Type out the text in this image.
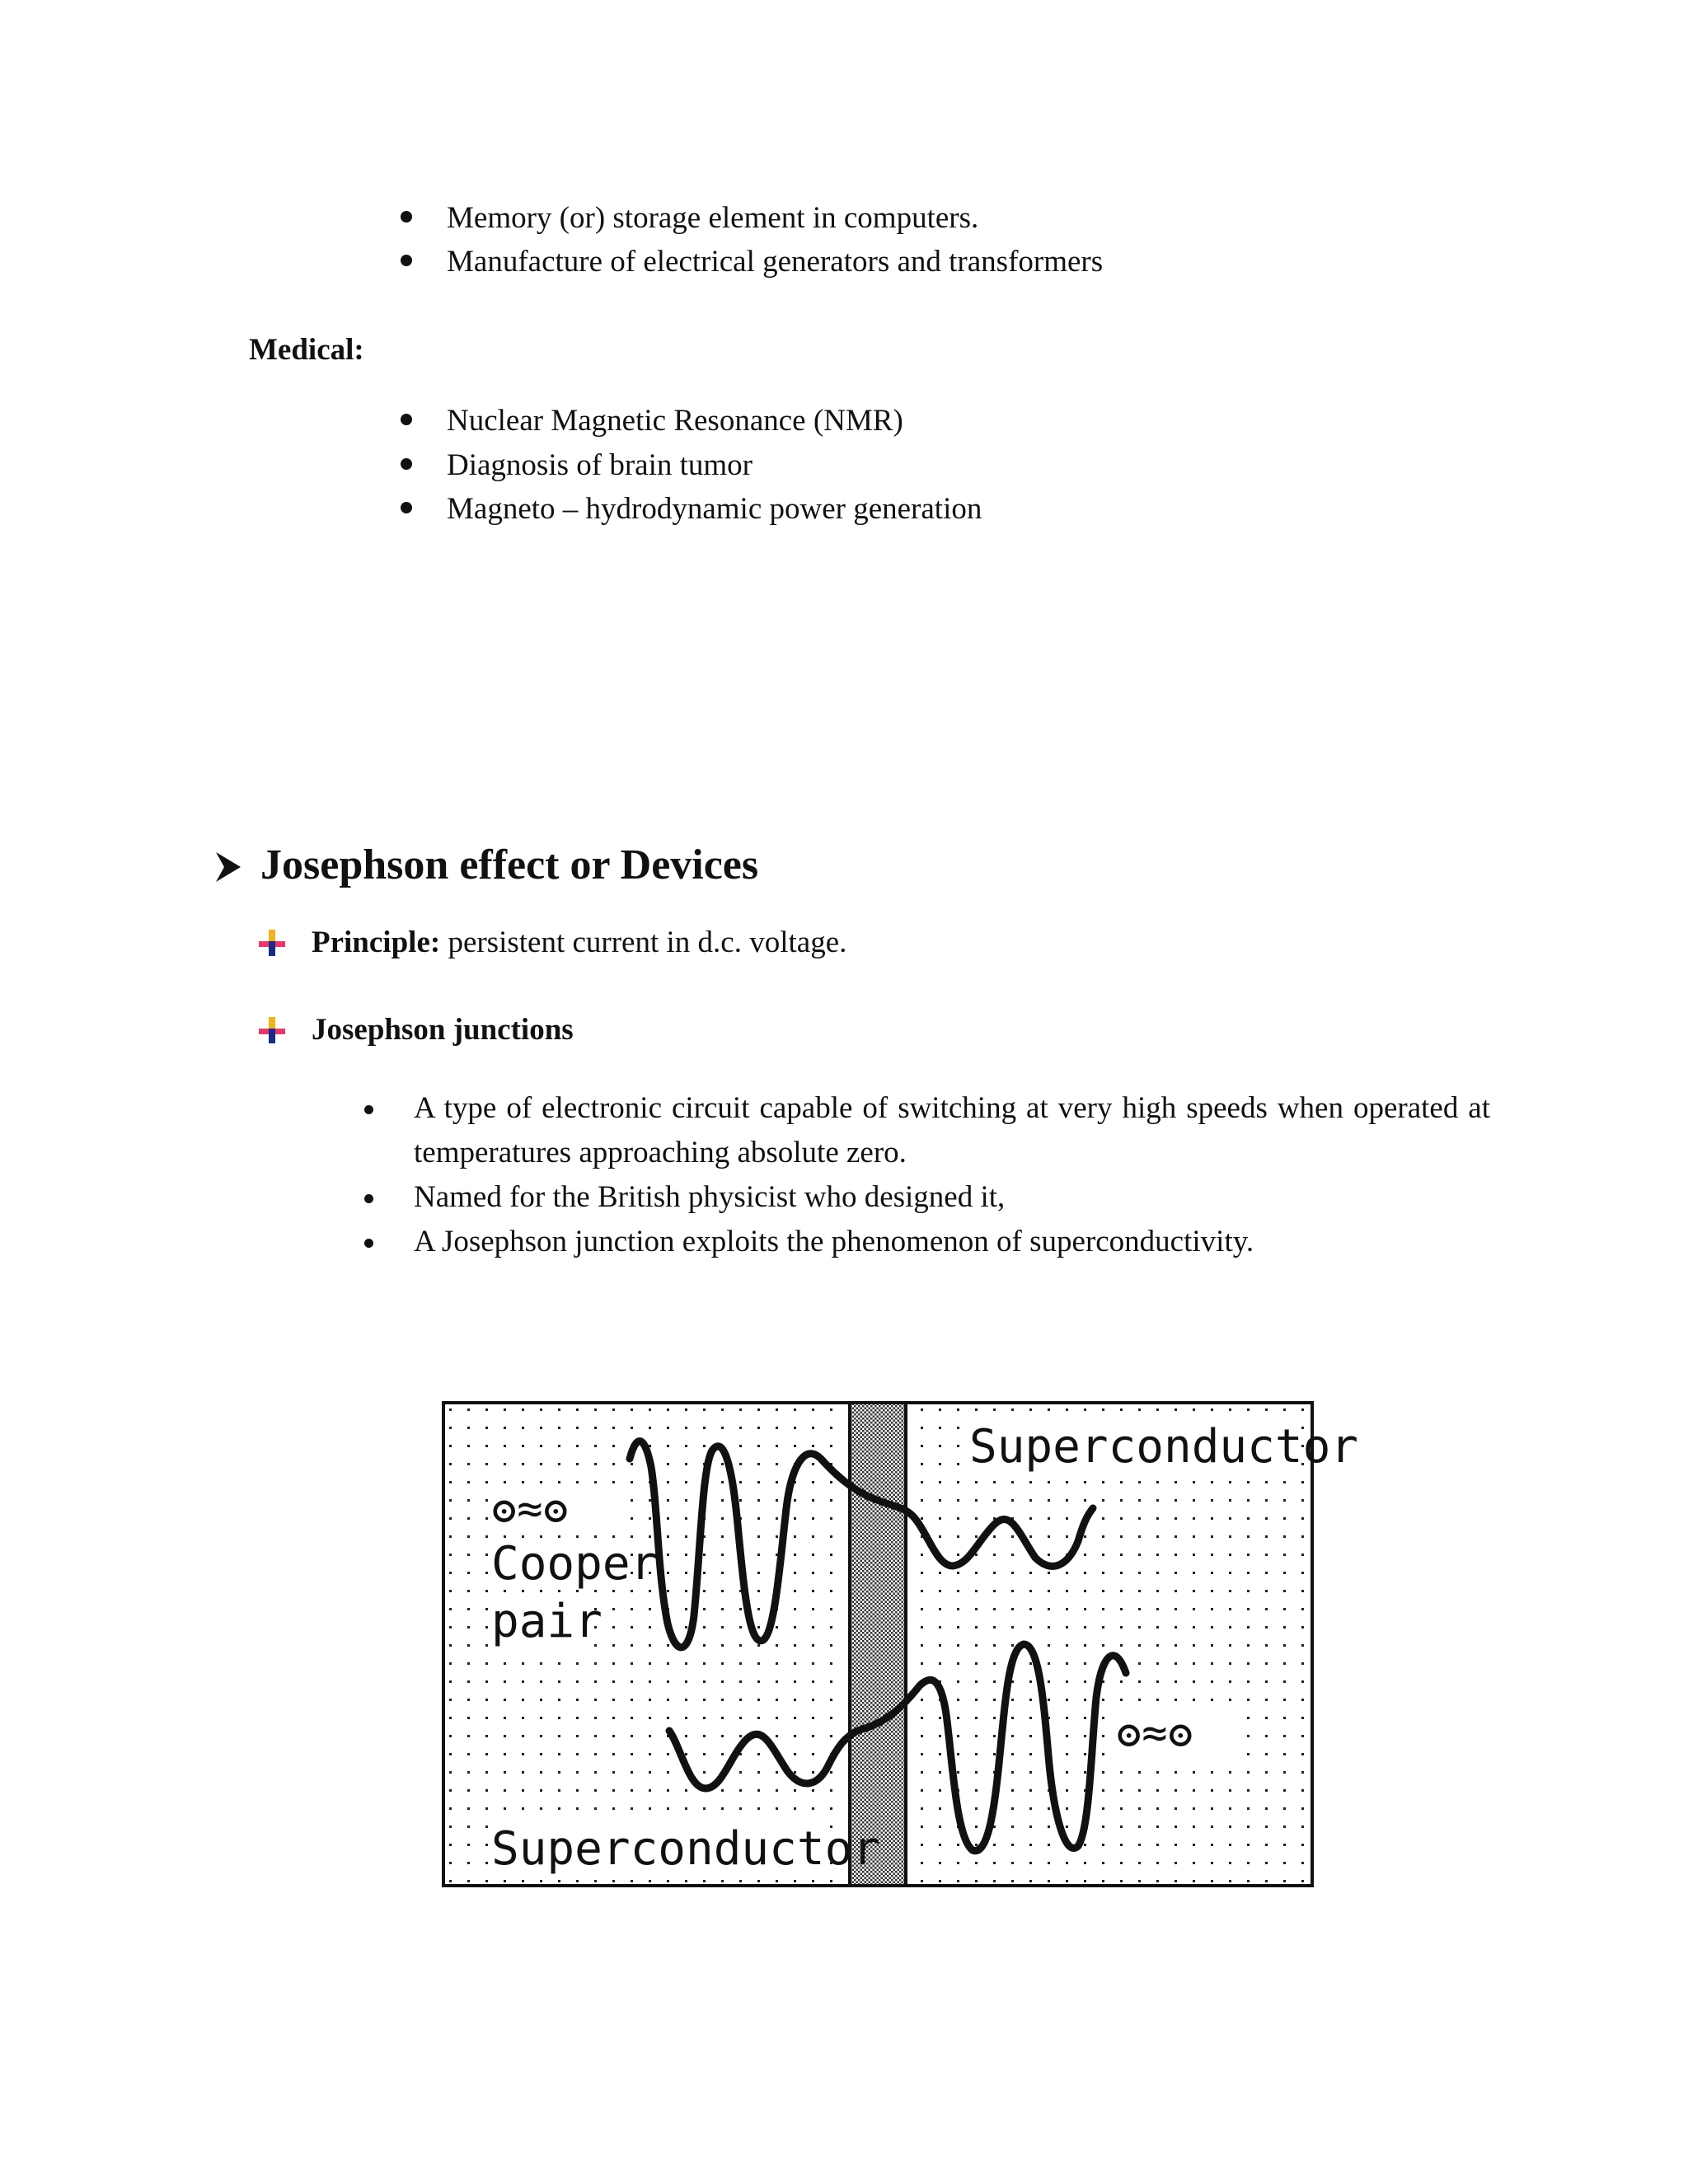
Memory (or) storage element in computers.
Manufacture of electrical generators and transformers
Medical:
Nuclear Magnetic Resonance (NMR)
Diagnosis of brain tumor
Magneto – hydrodynamic power generation
Josephson effect or Devices
Principle: persistent current in d.c. voltage.
Josephson junctions
A type of electronic circuit capable of switching at very high speeds when operated at temperatures approaching absolute zero.
Named for the British physicist who designed it,
A Josephson junction exploits the phenomenon of superconductivity.
Superconductor
Superconductor
ʘ≈ʘ
Cooper
pair
ʘ≈ʘ
